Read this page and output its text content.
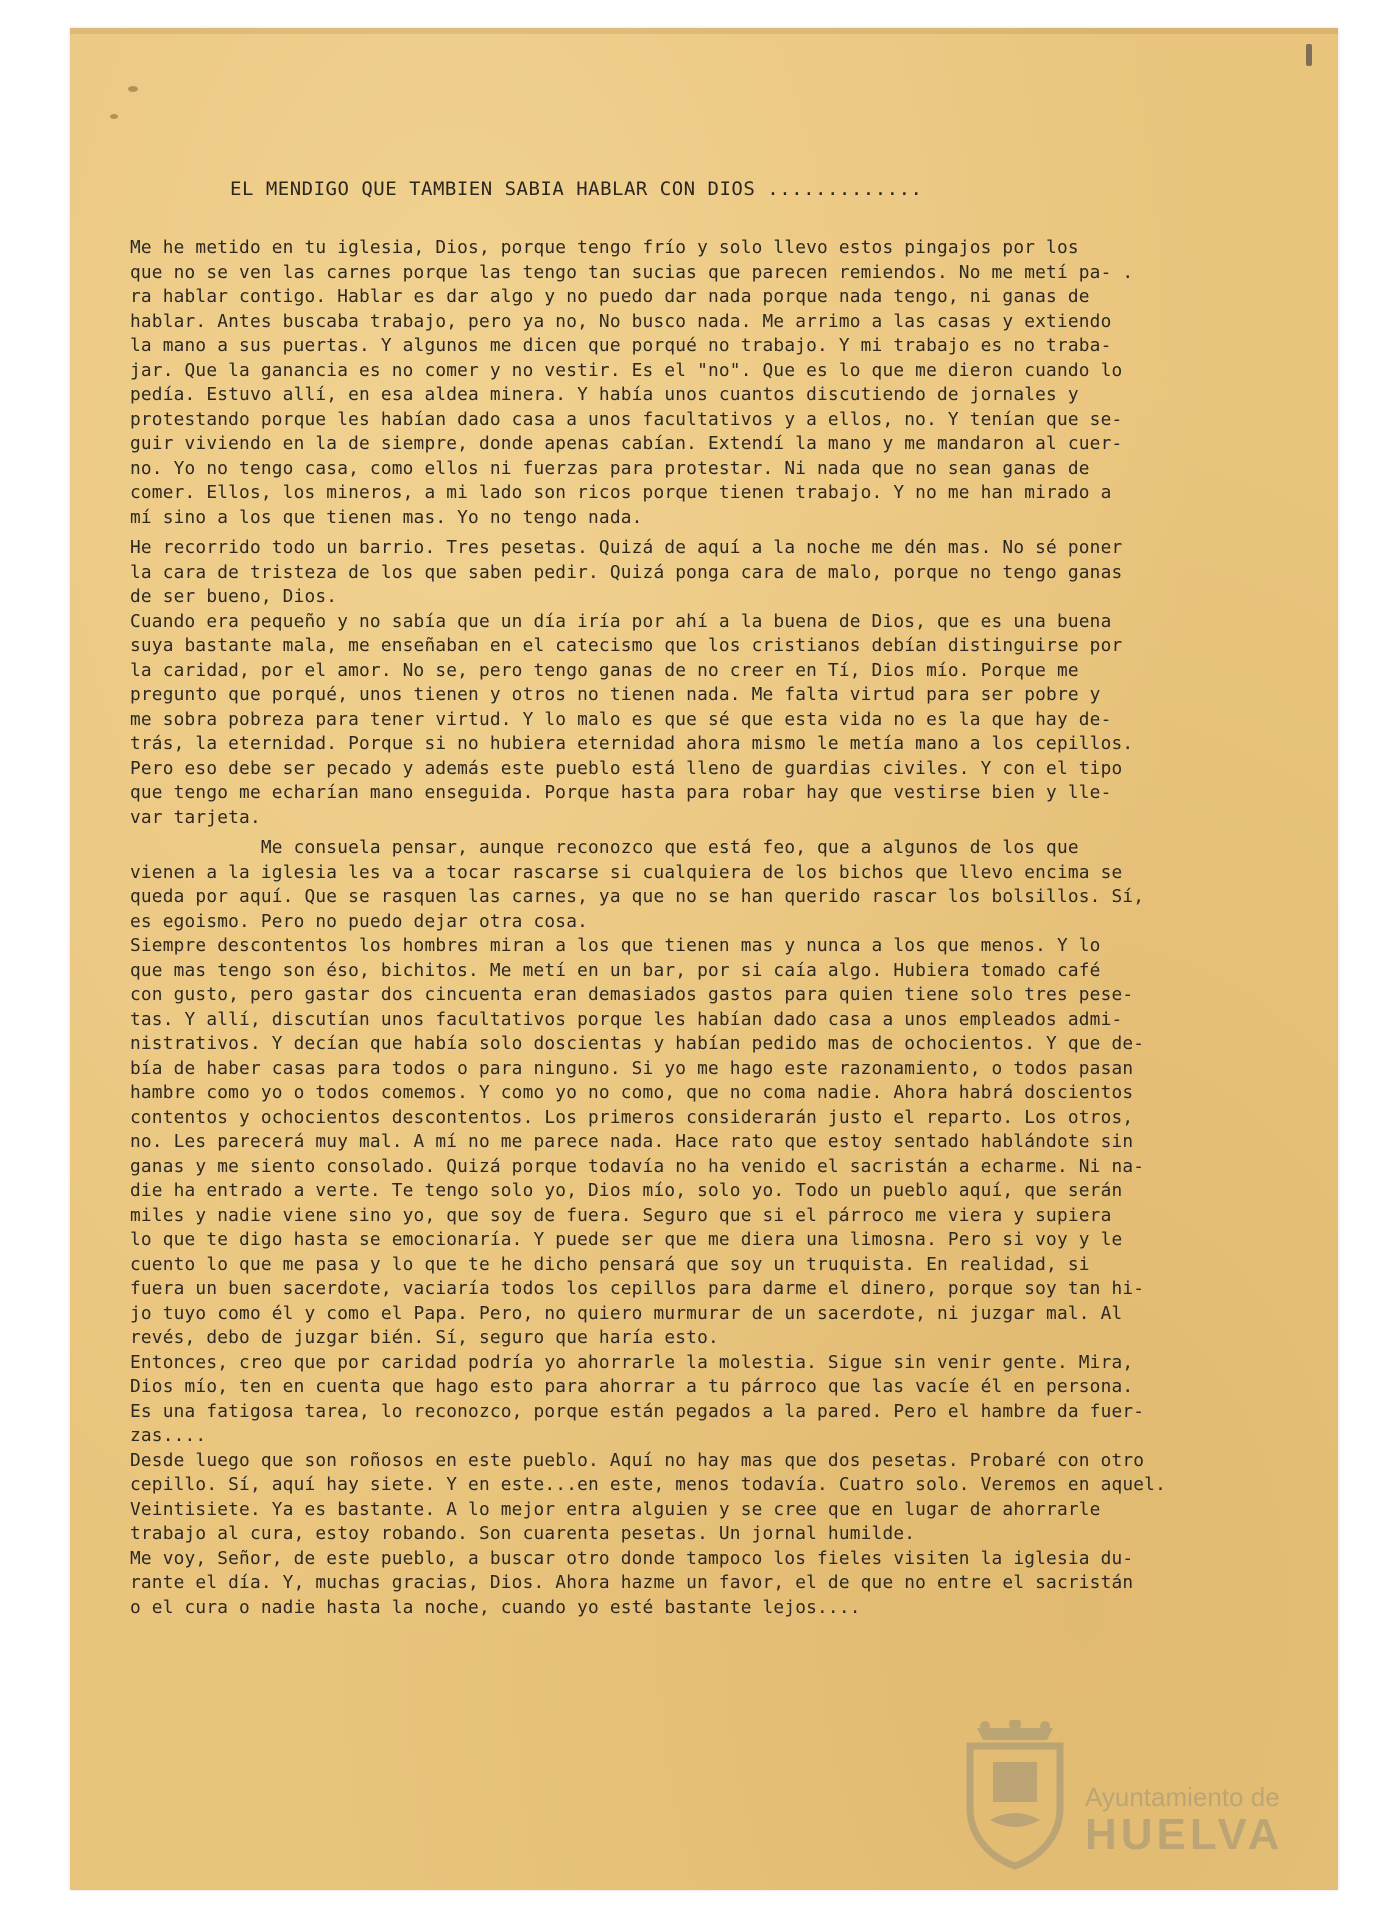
EL MENDIGO QUE TAMBIEN SABIA HABLAR CON DIOS .............
Me he metido en tu iglesia, Dios, porque tengo frío y solo llevo estos pingajos por los
que no se ven las carnes porque las tengo tan sucias que parecen remiendos. No me metí pa- .
ra hablar contigo. Hablar es dar algo y no puedo dar nada porque nada tengo, ni ganas de
hablar. Antes buscaba trabajo, pero ya no, No busco nada. Me arrimo a las casas y extiendo
la mano a sus puertas. Y algunos me dicen que porqué no trabajo. Y mi trabajo es no traba-
jar. Que la ganancia es no comer y no vestir. Es el "no". Que es lo que me dieron cuando lo
pedía. Estuvo allí, en esa aldea minera. Y había unos cuantos discutiendo de jornales y
protestando porque les habían dado casa a unos facultativos y a ellos, no. Y tenían que se-
guir viviendo en la de siempre, donde apenas cabían. Extendí la mano y me mandaron al cuer-
no. Yo no tengo casa, como ellos ni fuerzas para protestar. Ni nada que no sean ganas de
comer. Ellos, los mineros, a mi lado son ricos porque tienen trabajo. Y no me han mirado a
mí sino a los que tienen mas. Yo no tengo nada.
He recorrido todo un barrio. Tres pesetas. Quizá de aquí a la noche me dén mas. No sé poner
la cara de tristeza de los que saben pedir. Quizá ponga cara de malo, porque no tengo ganas
de ser bueno, Dios.
Cuando era pequeño y no sabía que un día iría por ahí a la buena de Dios, que es una buena
suya bastante mala, me enseñaban en el catecismo que los cristianos debían distinguirse por
la caridad, por el amor. No se, pero tengo ganas de no creer en Tí, Dios mío. Porque me
pregunto que porqué, unos tienen y otros no tienen nada. Me falta virtud para ser pobre y
me sobra pobreza para tener virtud. Y lo malo es que sé que esta vida no es la que hay de-
trás, la eternidad. Porque si no hubiera eternidad ahora mismo le metía mano a los cepillos.
Pero eso debe ser pecado y además este pueblo está lleno de guardias civiles. Y con el tipo
que tengo me echarían mano enseguida. Porque hasta para robar hay que vestirse bien y lle-
var tarjeta.
Me consuela pensar, aunque reconozco que está feo, que a algunos de los que
vienen a la iglesia les va a tocar rascarse si cualquiera de los bichos que llevo encima se
queda por aquí. Que se rasquen las carnes, ya que no se han querido rascar los bolsillos. Sí,
es egoismo. Pero no puedo dejar otra cosa.
Siempre descontentos los hombres miran a los que tienen mas y nunca a los que menos. Y lo
que mas tengo son éso, bichitos. Me metí en un bar, por si caía algo. Hubiera tomado café
con gusto, pero gastar dos cincuenta eran demasiados gastos para quien tiene solo tres pese-
tas. Y allí, discutían unos facultativos porque les habían dado casa a unos empleados admi-
nistrativos. Y decían que había solo doscientas y habían pedido mas de ochocientos. Y que de-
bía de haber casas para todos o para ninguno. Si yo me hago este razonamiento, o todos pasan
hambre como yo o todos comemos. Y como yo no como, que no coma nadie. Ahora habrá doscientos
contentos y ochocientos descontentos. Los primeros considerarán justo el reparto. Los otros,
no. Les parecerá muy mal. A mí no me parece nada. Hace rato que estoy sentado hablándote sin
ganas y me siento consolado. Quizá porque todavía no ha venido el sacristán a echarme. Ni na-
die ha entrado a verte. Te tengo solo yo, Dios mío, solo yo. Todo un pueblo aquí, que serán
miles y nadie viene sino yo, que soy de fuera. Seguro que si el párroco me viera y supiera
lo que te digo hasta se emocionaría. Y puede ser que me diera una limosna. Pero si voy y le
cuento lo que me pasa y lo que te he dicho pensará que soy un truquista. En realidad, si
fuera un buen sacerdote, vaciaría todos los cepillos para darme el dinero, porque soy tan hi-
jo tuyo como él y como el Papa. Pero, no quiero murmurar de un sacerdote, ni juzgar mal. Al
revés, debo de juzgar bién. Sí, seguro que haría esto.
Entonces, creo que por caridad podría yo ahorrarle la molestia. Sigue sin venir gente. Mira,
Dios mío, ten en cuenta que hago esto para ahorrar a tu párroco que las vacíe él en persona.
Es una fatigosa tarea, lo reconozco, porque están pegados a la pared. Pero el hambre da fuer-
zas....
Desde luego que son roñosos en este pueblo. Aquí no hay mas que dos pesetas. Probaré con otro
cepillo. Sí, aquí hay siete. Y en este...en este, menos todavía. Cuatro solo. Veremos en aquel.
Veintisiete. Ya es bastante. A lo mejor entra alguien y se cree que en lugar de ahorrarle
trabajo al cura, estoy robando. Son cuarenta pesetas. Un jornal humilde.
Me voy, Señor, de este pueblo, a buscar otro donde tampoco los fieles visiten la iglesia du-
rante el día. Y, muchas gracias, Dios. Ahora hazme un favor, el de que no entre el sacristán
o el cura o nadie hasta la noche, cuando yo esté bastante lejos....
Ayuntamiento de
HUELVA
